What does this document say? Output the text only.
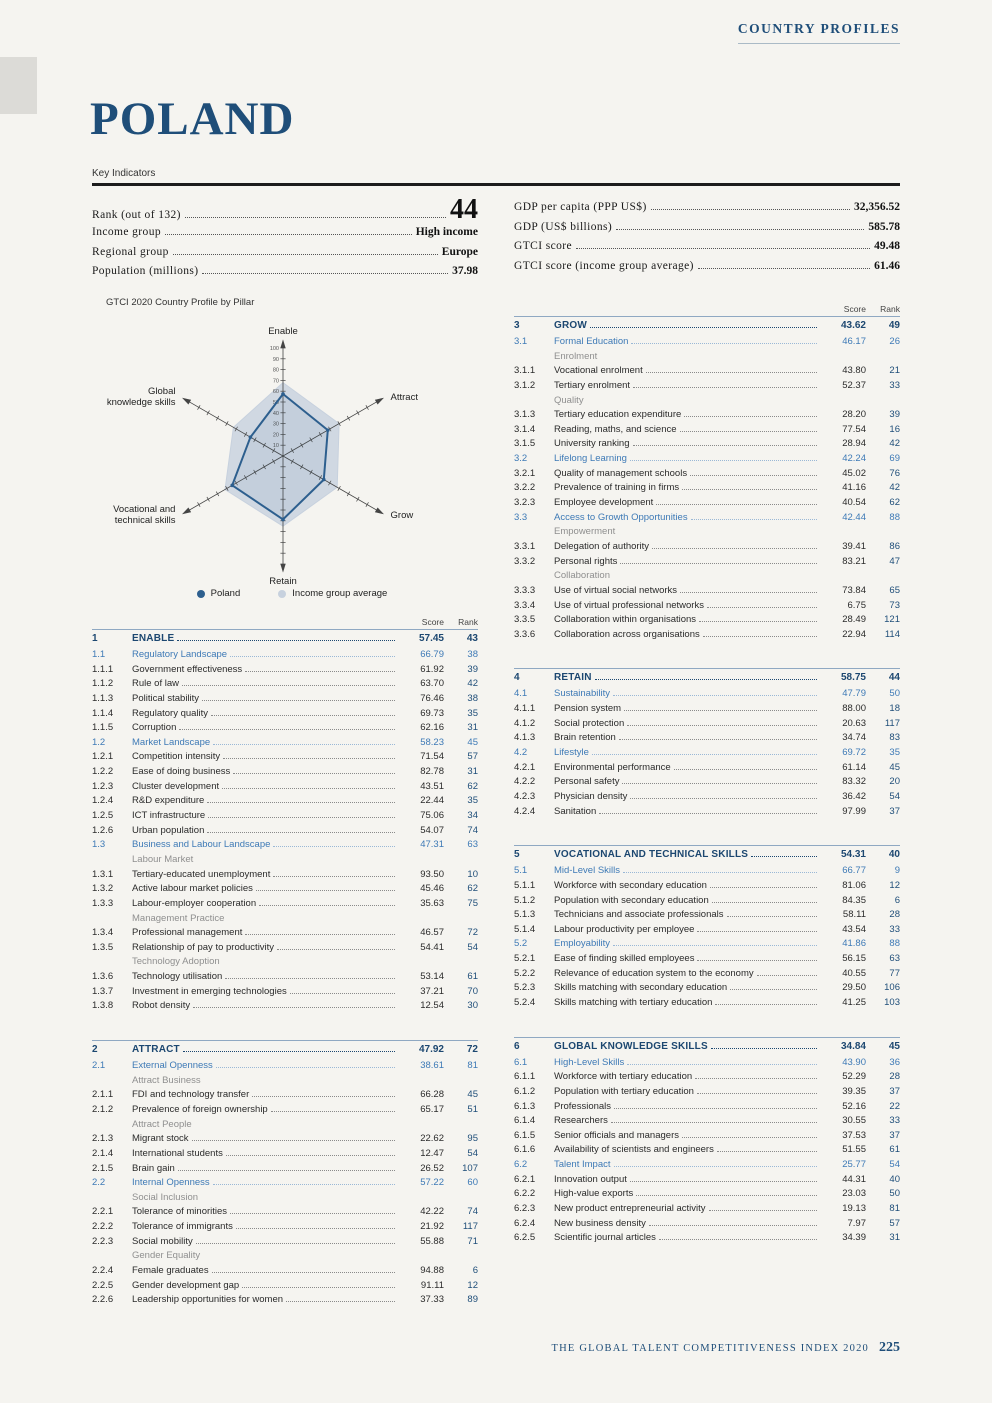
COUNTRY PROFILES
POLAND
Key Indicators
Rank (out of 132)	44
Income group	High income
Regional group	Europe
Population (millions)	37.98
GDP per capita (PPP US$)	32,356.52
GDP (US$ billions)	585.78
GTCI score	49.48
GTCI score (income group average)	61.46
GTCI 2020 Country Profile by Pillar
10
20
30
40
50
60
70
80
90
100
Enable
Attract
Grow
Retain
Vocational and
technical skills
Global
knowledge skills
Poland	Income group average
Score	Rank
1	ENABLE	57.45	43
1.1	Regulatory Landscape	66.79	38
1.1.1	Government effectiveness	61.92	39
1.1.2	Rule of law	63.70	42
1.1.3	Political stability	76.46	38
1.1.4	Regulatory quality	69.73	35
1.1.5	Corruption	62.16	31
1.2	Market Landscape	58.23	45
1.2.1	Competition intensity	71.54	57
1.2.2	Ease of doing business	82.78	31
1.2.3	Cluster development	43.51	62
1.2.4	R&D expenditure	22.44	35
1.2.5	ICT infrastructure	75.06	34
1.2.6	Urban population	54.07	74
1.3	Business and Labour Landscape	47.31	63
Labour Market
1.3.1	Tertiary-educated unemployment	93.50	10
1.3.2	Active labour market policies	45.46	62
1.3.3	Labour-employer cooperation	35.63	75
Management Practice
1.3.4	Professional management	46.57	72
1.3.5	Relationship of pay to productivity	54.41	54
Technology Adoption
1.3.6	Technology utilisation	53.14	61
1.3.7	Investment in emerging technologies	37.21	70
1.3.8	Robot density	12.54	30
2	ATTRACT	47.92	72
2.1	External Openness	38.61	81
Attract Business
2.1.1	FDI and technology transfer	66.28	45
2.1.2	Prevalence of foreign ownership	65.17	51
Attract People
2.1.3	Migrant stock	22.62	95
2.1.4	International students	12.47	54
2.1.5	Brain gain	26.52	107
2.2	Internal Openness	57.22	60
Social Inclusion
2.2.1	Tolerance of minorities	42.22	74
2.2.2	Tolerance of immigrants	21.92	117
2.2.3	Social mobility	55.88	71
Gender Equality
2.2.4	Female graduates	94.88	6
2.2.5	Gender development gap	91.11	12
2.2.6	Leadership opportunities for women	37.33	89
Score	Rank
3	GROW	43.62	49
3.1	Formal Education	46.17	26
Enrolment
3.1.1	Vocational enrolment	43.80	21
3.1.2	Tertiary enrolment	52.37	33
Quality
3.1.3	Tertiary education expenditure	28.20	39
3.1.4	Reading, maths, and science	77.54	16
3.1.5	University ranking	28.94	42
3.2	Lifelong Learning	42.24	69
3.2.1	Quality of management schools	45.02	76
3.2.2	Prevalence of training in firms	41.16	42
3.2.3	Employee development	40.54	62
3.3	Access to Growth Opportunities	42.44	88
Empowerment
3.3.1	Delegation of authority	39.41	86
3.3.2	Personal rights	83.21	47
Collaboration
3.3.3	Use of virtual social networks	73.84	65
3.3.4	Use of virtual professional networks	6.75	73
3.3.5	Collaboration within organisations	28.49	121
3.3.6	Collaboration across organisations	22.94	114
4	RETAIN	58.75	44
4.1	Sustainability	47.79	50
4.1.1	Pension system	88.00	18
4.1.2	Social protection	20.63	117
4.1.3	Brain retention	34.74	83
4.2	Lifestyle	69.72	35
4.2.1	Environmental performance	61.14	45
4.2.2	Personal safety	83.32	20
4.2.3	Physician density	36.42	54
4.2.4	Sanitation	97.99	37
5	VOCATIONAL AND TECHNICAL SKILLS	54.31	40
5.1	Mid-Level Skills	66.77	9
5.1.1	Workforce with secondary education	81.06	12
5.1.2	Population with secondary education	84.35	6
5.1.3	Technicians and associate professionals	58.11	28
5.1.4	Labour productivity per employee	43.54	33
5.2	Employability	41.86	88
5.2.1	Ease of finding skilled employees	56.15	63
5.2.2	Relevance of education system to the economy	40.55	77
5.2.3	Skills matching with secondary education	29.50	106
5.2.4	Skills matching with tertiary education	41.25	103
6	GLOBAL KNOWLEDGE SKILLS	34.84	45
6.1	High-Level Skills	43.90	36
6.1.1	Workforce with tertiary education	52.29	28
6.1.2	Population with tertiary education	39.35	37
6.1.3	Professionals	52.16	22
6.1.4	Researchers	30.55	33
6.1.5	Senior officials and managers	37.53	37
6.1.6	Availability of scientists and engineers	51.55	61
6.2	Talent Impact	25.77	54
6.2.1	Innovation output	44.31	40
6.2.2	High-value exports	23.03	50
6.2.3	New product entrepreneurial activity	19.13	81
6.2.4	New business density	7.97	57
6.2.5	Scientific journal articles	34.39	31
THE GLOBAL TALENT COMPETITIVENESS INDEX 2020 225
